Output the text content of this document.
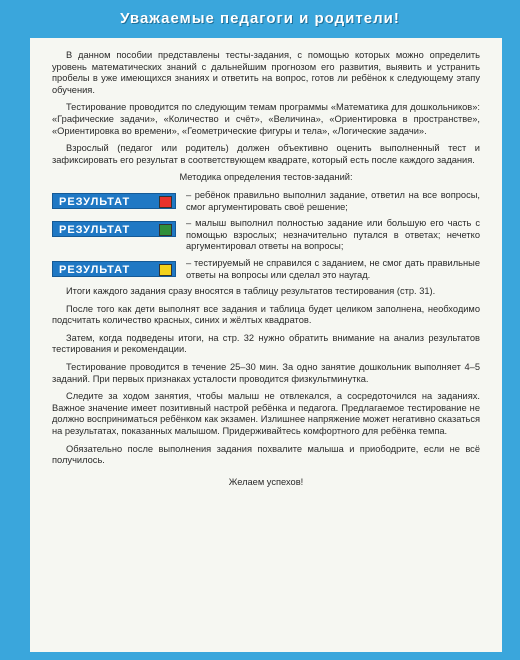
Уважаемые педагоги и родители!

В данном пособии представлены тесты-задания, с помощью которых можно определить уровень математических знаний с дальнейшим прогнозом его развития, выявить и устранить пробелы в уже имеющихся знаниях и ответить на вопрос, готов ли ребёнок к следующему этапу обучения.

Тестирование проводится по следующим темам программы «Математика для дошкольников»: «Графические задачи», «Количество и счёт», «Величина», «Ориентировка в пространстве», «Ориентировка во времени», «Геометрические фигуры и тела», «Логические задачи».

Взрослый (педагог или родитель) должен объективно оценить выполненный тест и зафиксировать его результат в соответствующем квадрате, который есть после каждого задания.

Методика определения тестов-заданий:

РЕЗУЛЬТАТ
– ребёнок правильно выполнил задание, ответил на все вопросы, смог аргументировать своё решение;
РЕЗУЛЬТАТ
– малыш выполнил полностью задание или большую его часть с помощью взрослых; незначительно путался в ответах; нечетко аргументировал ответы на вопросы;
РЕЗУЛЬТАТ
– тестируемый не справился с заданием, не смог дать правильные ответы на вопросы или сделал это наугад.

Итоги каждого задания сразу вносятся в таблицу результатов тестирования (стр. 31).

После того как дети выполнят все задания и таблица будет целиком заполнена, необходимо подсчитать количество красных, синих и жёлтых квадратов.

Затем, когда подведены итоги, на стр. 32 нужно обратить внимание на анализ результатов тестирования и рекомендации.

Тестирование проводится в течение 25–30 мин. За одно занятие дошкольник выполняет 4–5 заданий. При первых признаках усталости проводится физкультминутка.

Следите за ходом занятия, чтобы малыш не отвлекался, а сосредоточился на заданиях. Важное значение имеет позитивный настрой ребёнка и педагога. Предлагаемое тестирование не должно восприниматься ребёнком как экзамен. Излишнее напряжение может негативно сказаться на результатах, показанных малышом. Придерживайтесь комфортного для ребёнка темпа.

Обязательно после выполнения задания похвалите малыша и приободрите, если не всё получилось.

Желаем успехов!
